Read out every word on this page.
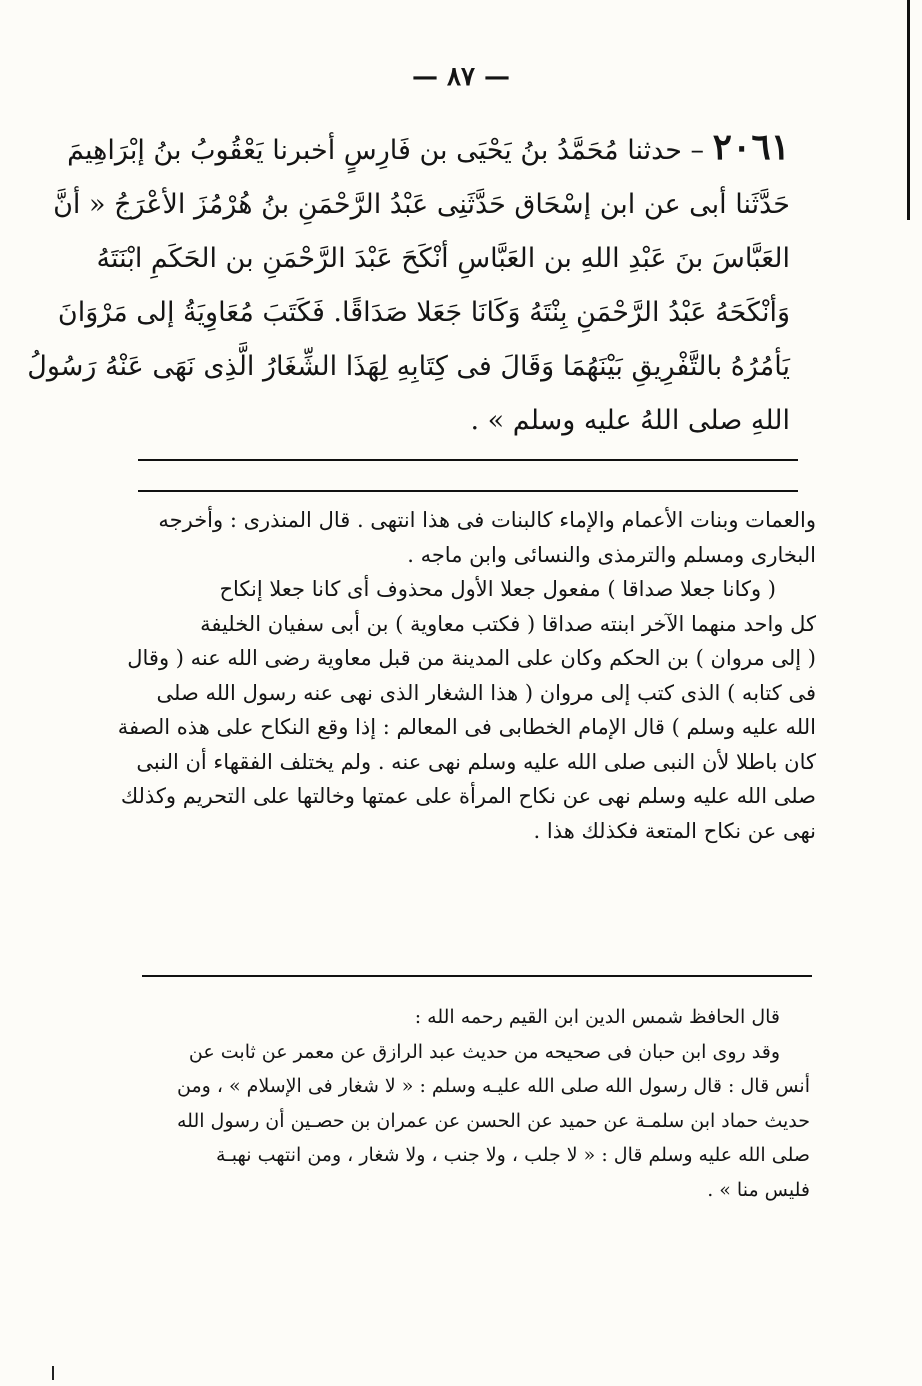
— ٨٧ —

٢٠٦١ – حدثنا مُحَمَّدُ بنُ يَحْيَى بن فَارِسٍ أخبرنا يَعْقُوبُ بنُ إبْرَاهِيمَ

حَدَّثَنا أبى عن ابن إسْحَاق حَدَّثَنِى عَبْدُ الرَّحْمَنِ بنُ هُرْمُزَ الأعْرَجُ « أنَّ

العَبَّاسَ بنَ عَبْدِ اللهِ بن العَبَّاسِ أنْكَحَ عَبْدَ الرَّحْمَنِ بن الحَكَمِ ابْنَتَهُ

وَأنْكَحَهُ عَبْدُ الرَّحْمَنِ بِنْتَهُ وَكَانَا جَعَلا صَدَاقًا. فَكَتَبَ مُعَاوِيَةُ إلى مَرْوَانَ

يَأمُرُهُ بالتَّفْرِيقِ بَيْنَهُمَا وَقَالَ فى كِتَابِهِ لِهَذَا الشِّغَارُ الَّذِى نَهَى عَنْهُ رَسُولُ

اللهِ صلى اللهُ عليه وسلم » .

والعمات وبنات الأعمام والإماء كالبنات فى هذا انتهى . قال المنذرى : وأخرجه

البخارى ومسلم والترمذى والنسائى وابن ماجه .

( وكانا جعلا صداقا ) مفعول جعلا الأول محذوف أى كانا جعلا إنكاح

كل واحد منهما الآخر ابنته صداقا ( فكتب معاوية ) بن أبى سفيان الخليفة

( إلى مروان ) بن الحكم وكان على المدينة من قبل معاوية رضى الله عنه ( وقال

فى كتابه ) الذى كتب إلى مروان ( هذا الشغار الذى نهى عنه رسول الله صلى

الله عليه وسلم ) قال الإمام الخطابى فى المعالم : إذا وقع النكاح على هذه الصفة

كان باطلا لأن النبى صلى الله عليه وسلم نهى عنه . ولم يختلف الفقهاء أن النبى

صلى الله عليه وسلم نهى عن نكاح المرأة على عمتها وخالتها على التحريم وكذلك

نهى عن نكاح المتعة فكذلك هذا .

قال الحافظ شمس الدين ابن القيم رحمه الله :

وقد روى ابن حبان فى صحيحه من حديث عبد الرازق عن معمر عن ثابت عن

أنس قال : قال رسول الله صلى الله عليـه وسلم : « لا شغار فى الإسلام » ، ومن

حديث حماد ابن سلمـة عن حميد عن الحسن عن عمران بن حصـين أن رسول الله

صلى الله عليه وسلم قال : « لا جلب ، ولا جنب ، ولا شغار ، ومن انتهب نهبـة

فليس منا » .
